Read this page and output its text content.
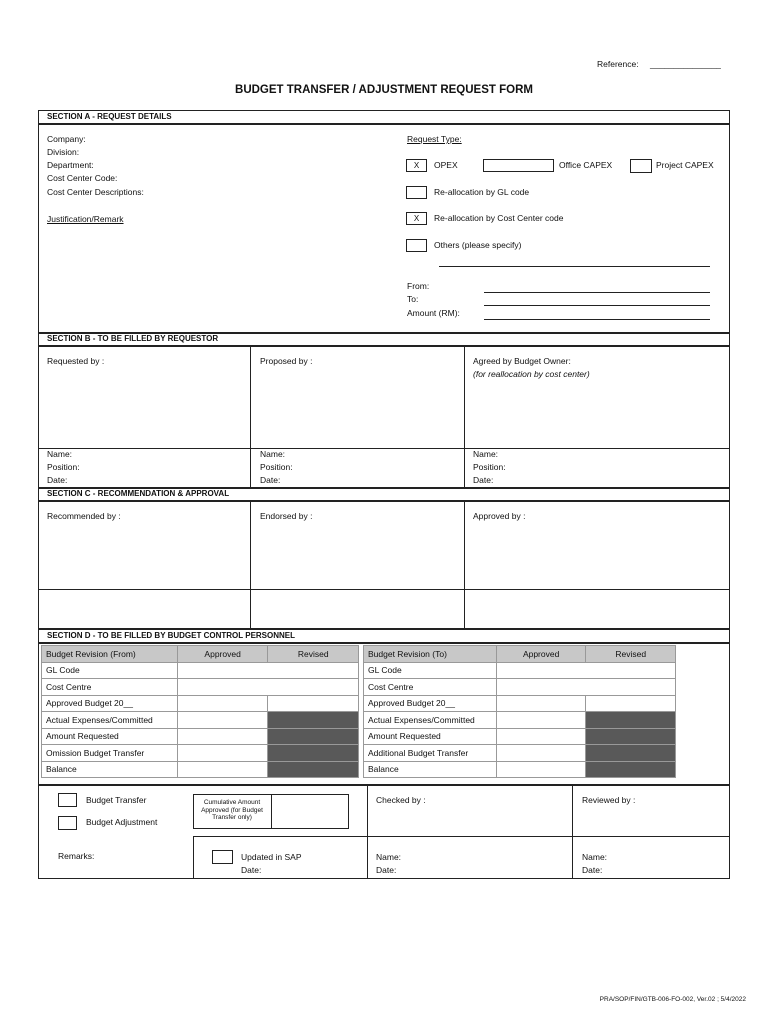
Reference: _______________
BUDGET TRANSFER / ADJUSTMENT REQUEST FORM
SECTION A - REQUEST DETAILS
Company:
Division:
Department:
Cost Center Code:
Cost Center Descriptions:
Justification/Remark
Request Type:
X	OPEX	Office CAPEX	Project CAPEX
Re-allocation by GL code
X	Re-allocation by Cost Center code
Others (please specify)
From:
To:
Amount (RM):
SECTION B - TO BE FILLED BY REQUESTOR
Requested by :	Proposed by :	Agreed by Budget Owner:
(for reallocation by cost center)
Name:
Position:
Date:
Name:
Position:
Date:
Name:
Position:
Date:
SECTION C - RECOMMENDATION & APPROVAL
Recommended by :	Endorsed by :	Approved by :
SECTION D - TO BE FILLED BY BUDGET CONTROL PERSONNEL
Budget Revision (From)	Approved	Revised
GL Code		
Cost Centre		
Approved Budget 20__		
Actual Expenses/Committed		
Amount Requested		
Omission Budget Transfer		
Balance		
Budget Revision (To)	Approved	Revised
GL Code		
Cost Centre		
Approved Budget 20__		
Actual Expenses/Committed		
Amount Requested		
Additional Budget Transfer		
Balance		
Budget Transfer
Budget Adjustment
Cumulative Amount Approved (for Budget Transfer only)
Checked by :	Reviewed by :
Remarks:	Updated in SAP
Date:
Name:
Date:
Name:
Date:
PRA/SOP/FIN/GTB-006-FO-002, Ver.02 ; 5/4/2022
